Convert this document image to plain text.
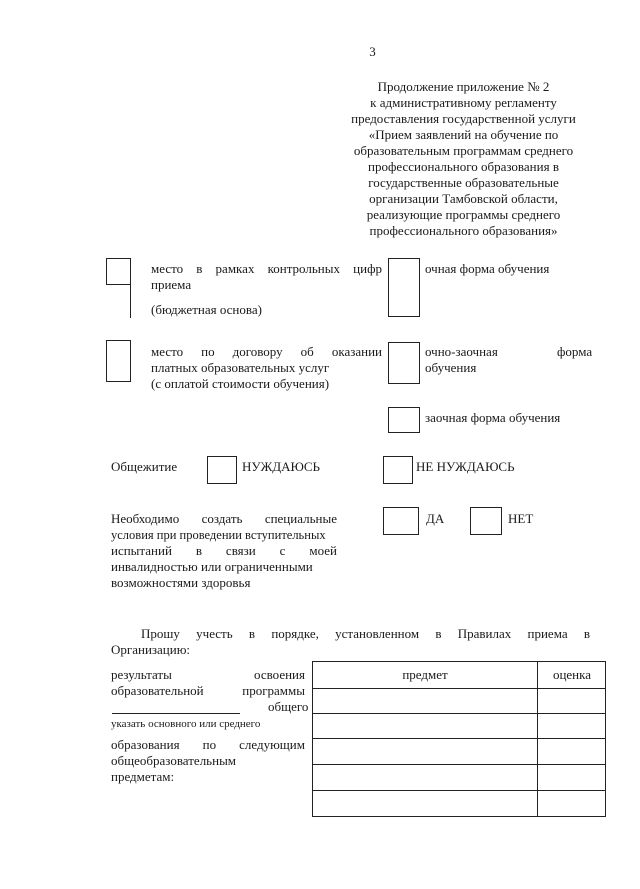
3
Продолжение приложение № 2
к административному регламенту
предоставления государственной услуги
«Прием заявлений на обучение по
образовательным программам среднего
профессионального образования в
государственные образовательные
организации Тамбовской области,
реализующие программы среднего
профессионального образования»
место в рамках контрольных цифр
приема
(бюджетная основа)
место по договору об оказании
платных образовательных услуг
(с оплатой стоимости обучения)
очная форма обучения
очно-заочная	форма
обучения
заочная форма обучения
Общежитие	НУЖДАЮСЬ	НЕ НУЖДАЮСЬ
Необходимо создать специальные
условия при проведении вступительных
испытаний в связи с моей
инвалидностью или ограниченными
возможностями здоровья
ДА	НЕТ
Прошу учесть в порядке, установленном в Правилах приема в
Организацию:
результаты освоения
образовательной программы
общего
указать основного или среднего
образования по следующим
общеобразовательным
предметам:
предмет	оценка
